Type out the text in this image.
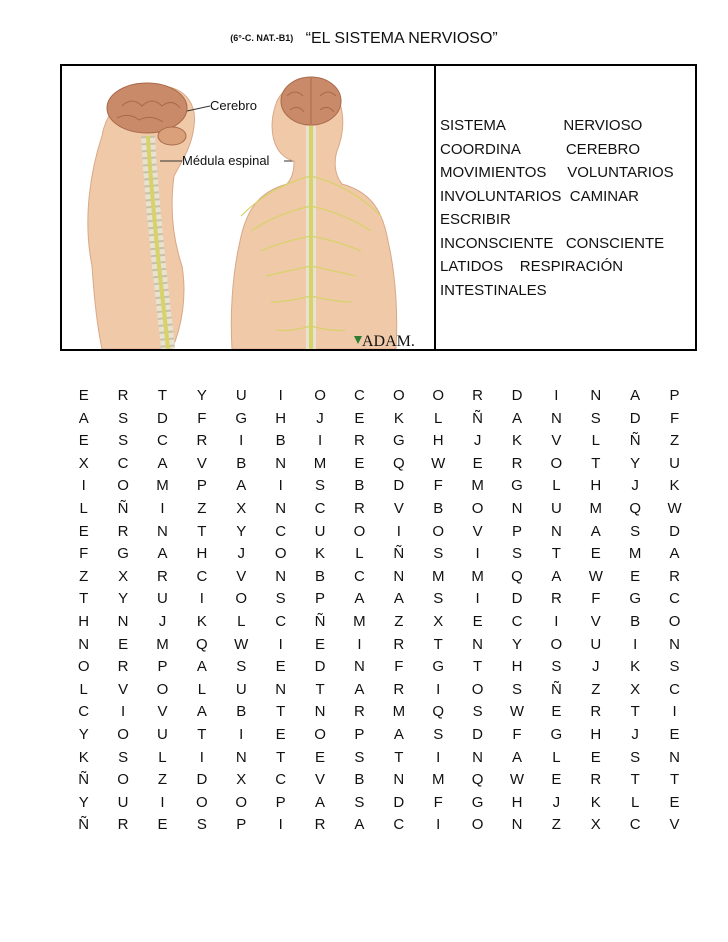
(6°-C. NAT.-B1) “EL SISTEMA NERVIOSO”
Cerebro
Médula espinal
ADAM.
SISTEMA              NERVIOSO
COORDINA           CEREBRO
MOVIMIENTOS     VOLUNTARIOS
INVOLUNTARIOS  CAMINAR
ESCRIBIR
INCONSCIENTE   CONSCIENTE
LATIDOS    RESPIRACIÓN
INTESTINALES
E	R	T	Y	U	I	O	C	O	O	R	D	I	N	A	P
A	S	D	F	G	H	J	E	K	L	Ñ	A	N	S	D	F
E	S	C	R	I	B	I	R	G	H	J	K	V	L	Ñ	Z
X	C	A	V	B	N	M	E	Q	W	E	R	O	T	Y	U
I	O	M	P	A	I	S	B	D	F	M	G	L	H	J	K
L	Ñ	I	Z	X	N	C	R	V	B	O	N	U	M	Q	W
E	R	N	T	Y	C	U	O	I	O	V	P	N	A	S	D
F	G	A	H	J	O	K	L	Ñ	S	I	S	T	E	M	A
Z	X	R	C	V	N	B	C	N	M	M	Q	A	W	E	R
T	Y	U	I	O	S	P	A	A	S	I	D	R	F	G	C
H	N	J	K	L	C	Ñ	M	Z	X	E	C	I	V	B	O
N	E	M	Q	W	I	E	I	R	T	N	Y	O	U	I	N
O	R	P	A	S	E	D	N	F	G	T	H	S	J	K	S
L	V	O	L	U	N	T	A	R	I	O	S	Ñ	Z	X	C
C	I	V	A	B	T	N	R	M	Q	S	W	E	R	T	I
Y	O	U	T	I	E	O	P	A	S	D	F	G	H	J	E
K	S	L	I	N	T	E	S	T	I	N	A	L	E	S	N
Ñ	O	Z	D	X	C	V	B	N	M	Q	W	E	R	T	T
Y	U	I	O	O	P	A	S	D	F	G	H	J	K	L	E
Ñ	R	E	S	P	I	R	A	C	I	O	N	Z	X	C	V
